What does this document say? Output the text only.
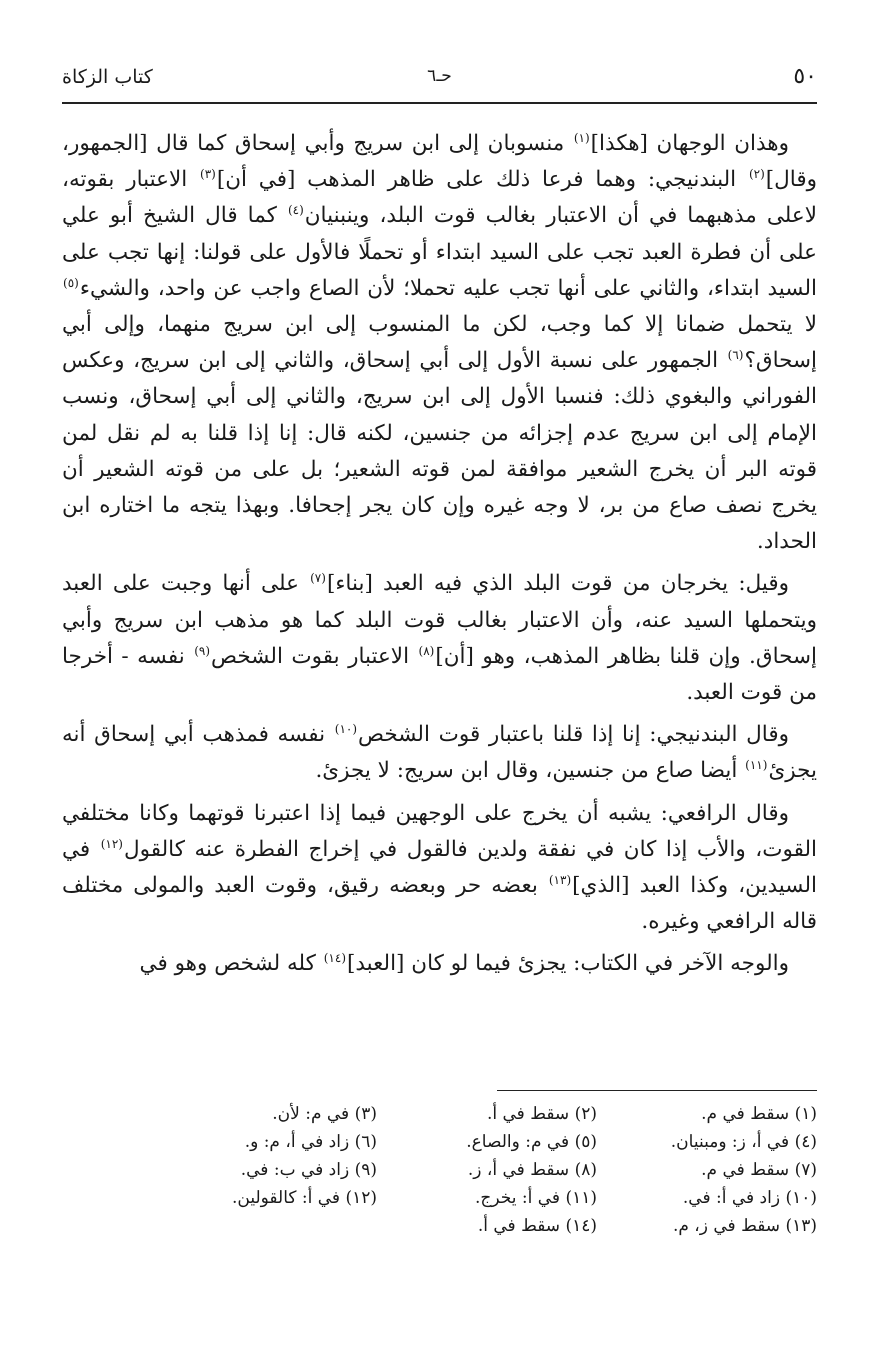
٥٠
حـ٦
كتاب الزكاة

وهذان الوجهان [هكذا]$^{(١)}$ منسوبان إلى ابن سريج وأبي إسحاق كما قال [الجمهور، وقال]$^{(٢)}$ البندنيجي: وهما فرعا ذلك على ظاهر المذهب [في أن]$^{(٣)}$ الاعتبار بقوته، لاعلى مذهبهما في أن الاعتبار بغالب قوت البلد، وينبنيان$^{(٤)}$ كما قال الشيخ أبو علي على أن فطرة العبد تجب على السيد ابتداء أو تحملًا فالأول على قولنا: إنها تجب على السيد ابتداء، والثاني على أنها تجب عليه تحملا؛ لأن الصاع واجب عن واحد، والشيء$^{(٥)}$ لا يتحمل ضمانا إلا كما وجب، لكن ما المنسوب إلى ابن سريج منهما، وإلى أبي إسحاق؟$^{(٦)}$ الجمهور على نسبة الأول إلى أبي إسحاق، والثاني إلى ابن سريج، وعكس الفوراني والبغوي ذلك: فنسبا الأول إلى ابن سريج، والثاني إلى أبي إسحاق، ونسب الإمام إلى ابن سريج عدم إجزائه من جنسين، لكنه قال: إنا إذا قلنا به لم نقل لمن قوته البر أن يخرج الشعير موافقة لمن قوته الشعير؛ بل على من قوته الشعير أن يخرج نصف صاع من بر، لا وجه غيره وإن كان يجر إجحافا. وبهذا يتجه ما اختاره ابن الحداد.

وقيل: يخرجان من قوت البلد الذي فيه العبد [بناء]$^{(٧)}$ على أنها وجبت على العبد ويتحملها السيد عنه، وأن الاعتبار بغالب قوت البلد كما هو مذهب ابن سريج وأبي إسحاق. وإن قلنا بظاهر المذهب، وهو [أن]$^{(٨)}$ الاعتبار بقوت الشخص$^{(٩)}$ نفسه - أخرجا من قوت العبد.

وقال البندنيجي: إنا إذا قلنا باعتبار قوت الشخص$^{(١٠)}$ نفسه فمذهب أبي إسحاق أنه يجزئ$^{(١١)}$ أيضا صاع من جنسين، وقال ابن سريج: لا يجزئ.

وقال الرافعي: يشبه أن يخرج على الوجهين فيما إذا اعتبرنا قوتهما وكانا مختلفي القوت، والأب إذا كان في نفقة ولدين فالقول في إخراج الفطرة عنه كالقول$^{(١٢)}$ في السيدين، وكذا العبد [الذي]$^{(١٣)}$ بعضه حر وبعضه رقيق، وقوت العبد والمولى مختلف قاله الرافعي وغيره.

والوجه الآخر في الكتاب: يجزئ فيما لو كان [العبد]$^{(١٤)}$ كله لشخص وهو في

(١) سقط في م.
(٢) سقط في أ.
(٣) في م: لأن.
(٤) في أ، ز: ومبنيان.
(٥) في م: والصاع.
(٦) زاد في أ، م: و.
(٧) سقط في م.
(٨) سقط في أ، ز.
(٩) زاد في ب: في.
(١٠) زاد في أ: في.
(١١) في أ: يخرج.
(١٢) في أ: كالقولين.
(١٣) سقط في ز، م.
(١٤) سقط في أ.
